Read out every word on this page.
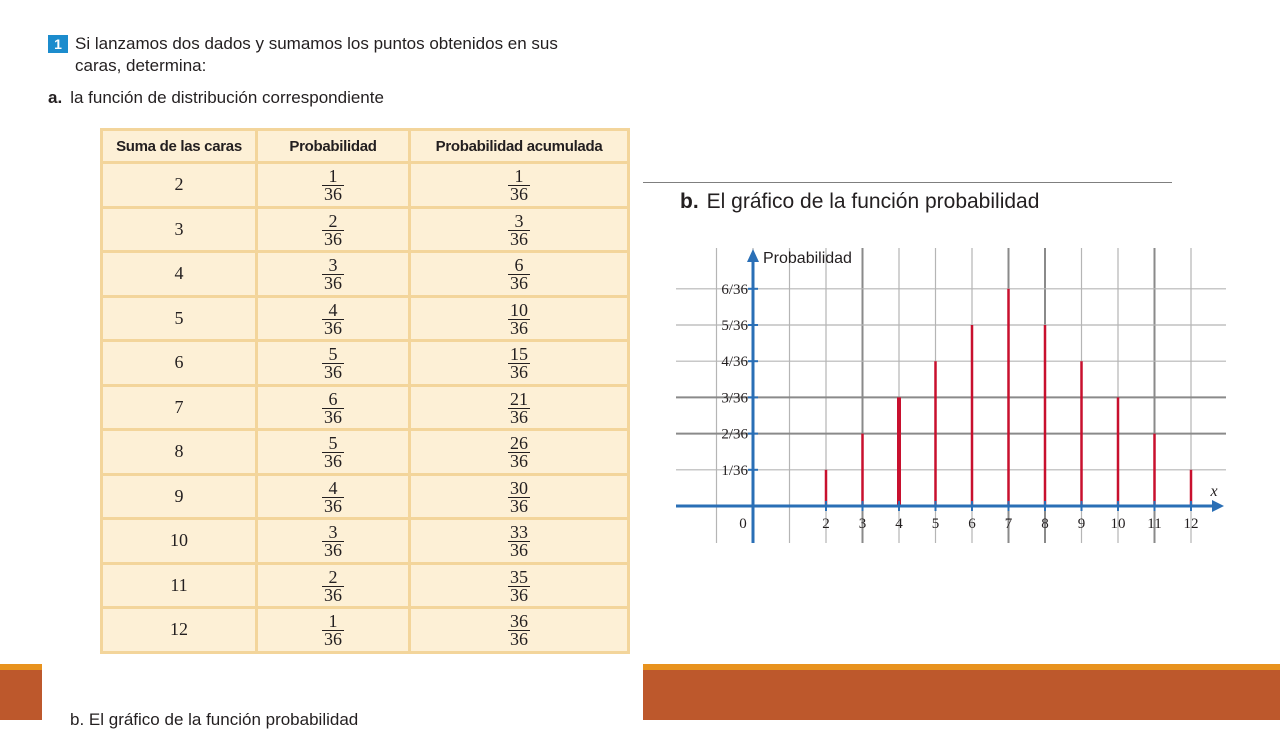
1 Si lanzamos dos dados y sumamos los puntos obtenidos en sus
caras, determina:
a. la función de distribución correspondiente
Suma de las caras	Probabilidad	Probabilidad acumulada
2	$\frac{1}{36}$	$\frac{1}{36}$

3	$\frac{2}{36}$	$\frac{3}{36}$

4	$\frac{3}{36}$	$\frac{6}{36}$

5	$\frac{4}{36}$	$\frac{10}{36}$

6	$\frac{5}{36}$	$\frac{15}{36}$

7	$\frac{6}{36}$	$\frac{21}{36}$

8	$\frac{5}{36}$	$\frac{26}{36}$

9	$\frac{4}{36}$	$\frac{30}{36}$

10	$\frac{3}{36}$	$\frac{33}{36}$

11	$\frac{2}{36}$	$\frac{35}{36}$

12	$\frac{1}{36}$	$\frac{36}{36}$
b. El gráfico de la función probabilidad
b. El gráfico de la función probabilidad
1/36
2/36
3/36
4/36
5/36
6/36
2 3 4 5 6 7 8 9 10 11 12
0
Probabilidad
x
